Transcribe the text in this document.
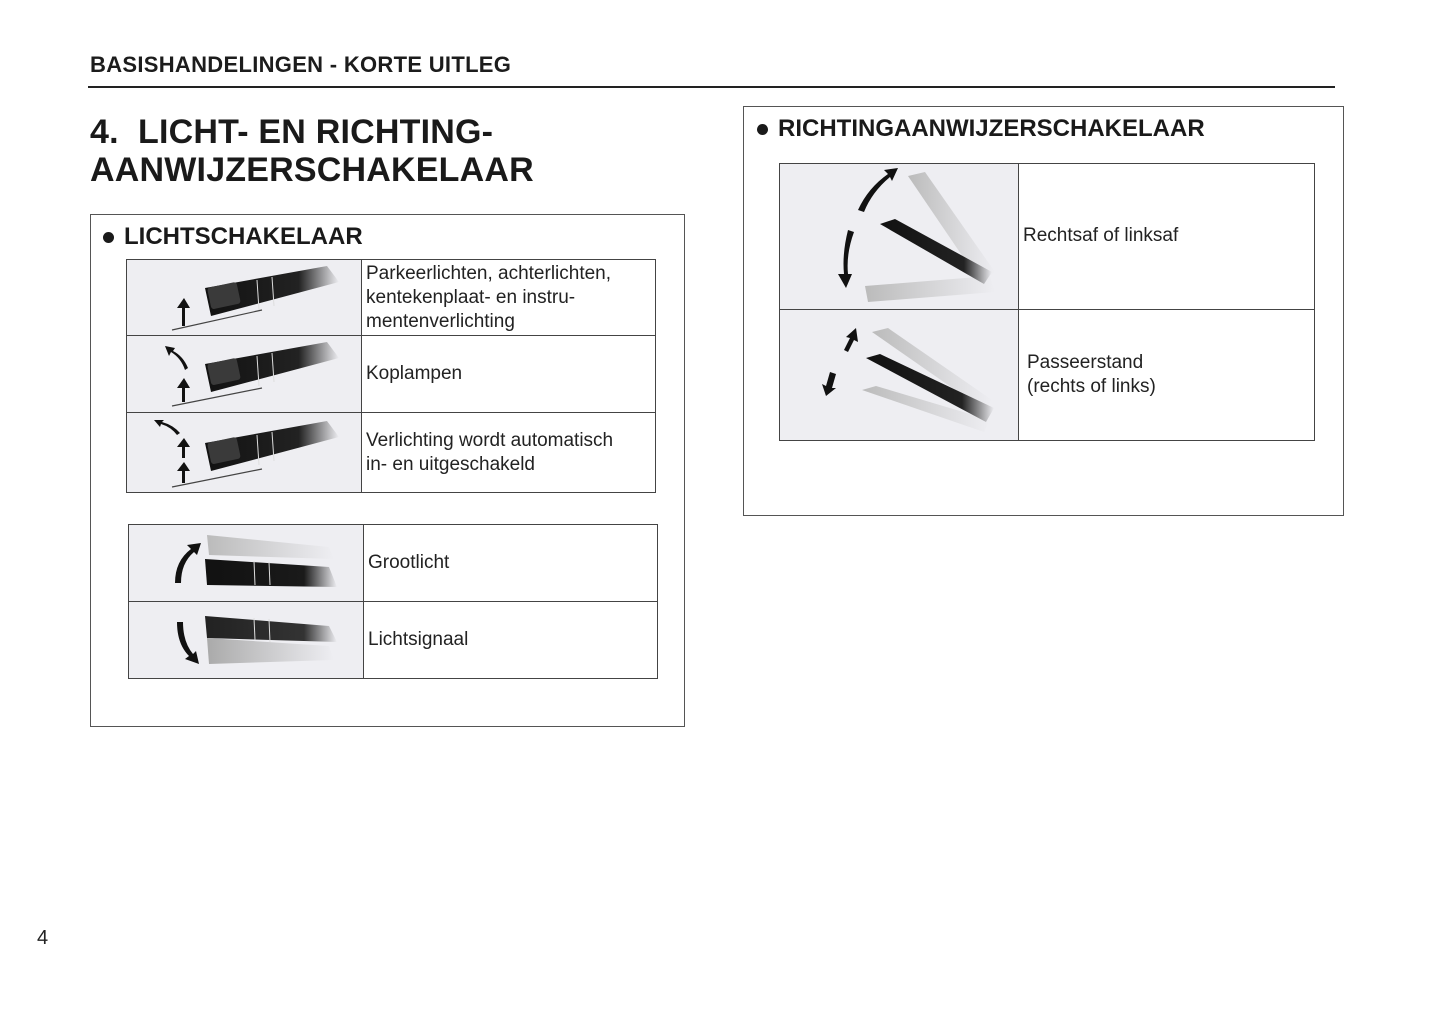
BASISHANDELINGEN - KORTE UITLEG
4.  LICHT- EN RICHTING-
AANWIJZERSCHAKELAAR
LICHTSCHAKELAAR

Parkeerlichten, achterlichten,
kentekenplaat- en instru-
mentenverlichting

Koplampen

Verlichting wordt automatisch
in- en uitgeschakeld

Grootlicht

Lichtsignaal
RICHTINGAANWIJZERSCHAKELAAR

Rechtsaf of linksaf

Passeerstand
(rechts of links)
4
